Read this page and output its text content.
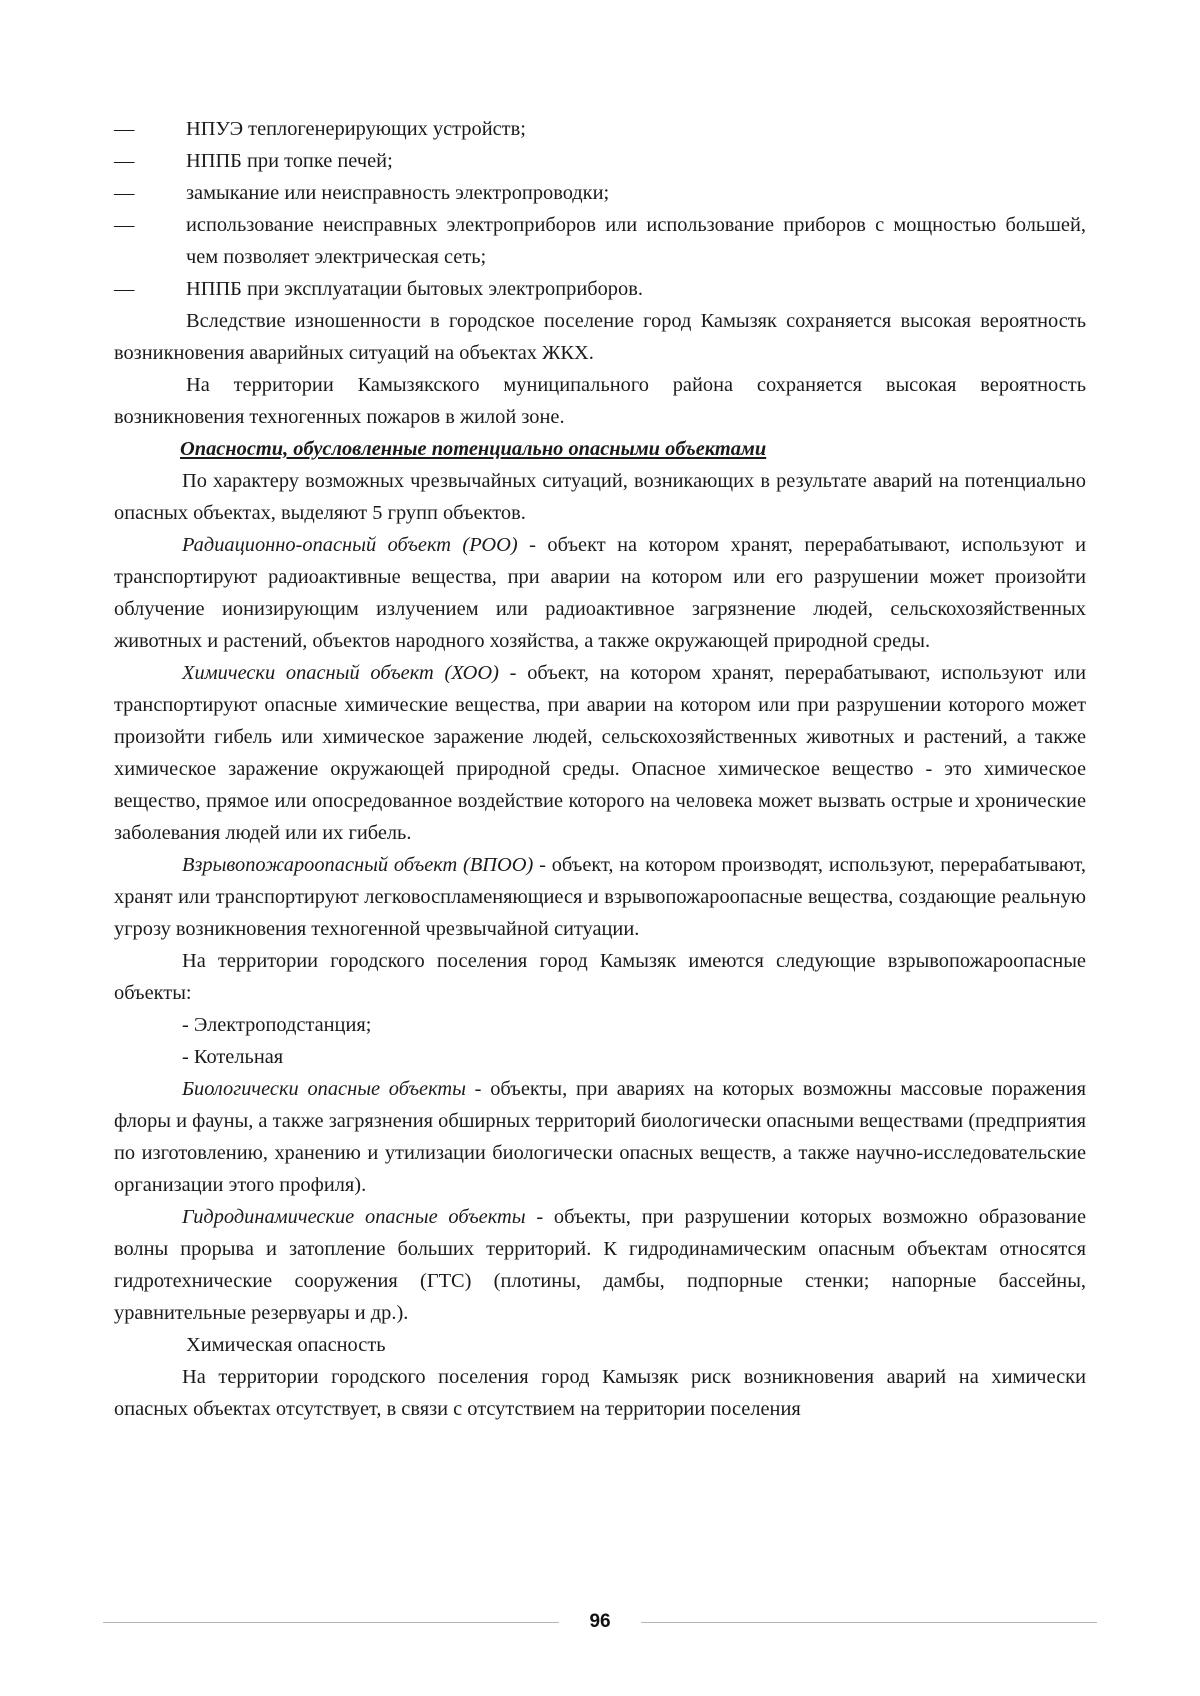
—	НПУЭ теплогенерирующих устройств;
—	НППБ при топке печей;
—	замыкание или неисправность электропроводки;
—	использование неисправных электроприборов или использование приборов с мощностью большей, чем позволяет электрическая сеть;
—	НППБ при эксплуатации бытовых электроприборов.

Вследствие изношенности в городское поселение город Камызяк сохраняется высокая вероятность возникновения аварийных ситуаций на объектах ЖКХ.

На территории Камызякского муниципального района сохраняется высокая вероятность возникновения техногенных пожаров в жилой зоне.

Опасности, обусловленные потенциально опасными объектами

По характеру возможных чрезвычайных ситуаций, возникающих в результате аварий на потенциально опасных объектах, выделяют 5 групп объектов.

Радиационно-опасный объект (РОО) - объект на котором хранят, перерабатывают, используют и транспортируют радиоактивные вещества, при аварии на котором или его разрушении может произойти облучение ионизирующим излучением или радиоактивное загрязнение людей, сельскохозяйственных животных и растений, объектов народного хозяйства, а также окружающей природной среды.

Химически опасный объект (ХОО) - объект, на котором хранят, перерабатывают, используют или транспортируют опасные химические вещества, при аварии на котором или при разрушении которого может произойти гибель или химическое заражение людей, сельскохозяйственных животных и растений, а также химическое заражение окружающей природной среды. Опасное химическое вещество - это химическое вещество, прямое или опосредованное воздействие которого на человека может вызвать острые и хронические заболевания людей или их гибель.

Взрывопожароопасный объект (ВПОО) - объект, на котором производят, используют, перерабатывают, хранят или транспортируют легковоспламеняющиеся и взрывопожароопасные вещества, создающие реальную угрозу возникновения техногенной чрезвычайной ситуации.

На территории городского поселения город Камызяк имеются следующие взрывопожароопасные объекты:

- Электроподстанция;

- Котельная

Биологически опасные объекты - объекты, при авариях на которых возможны массовые поражения флоры и фауны, а также загрязнения обширных территорий биологически опасными веществами (предприятия по изготовлению, хранению и утилизации биологически опасных веществ, а также научно-исследовательские организации этого профиля).

Гидродинамические опасные объекты - объекты, при разрушении которых возможно образование волны прорыва и затопление больших территорий. К гидродинамическим опасным объектам относятся гидротехнические сооружения (ГТС) (плотины, дамбы, подпорные стенки; напорные бассейны, уравнительные резервуары и др.).

Химическая опасность

На территории городского поселения город Камызяк риск возникновения аварий на химически опасных объектах отсутствует, в связи с отсутствием на территории поселения

96
